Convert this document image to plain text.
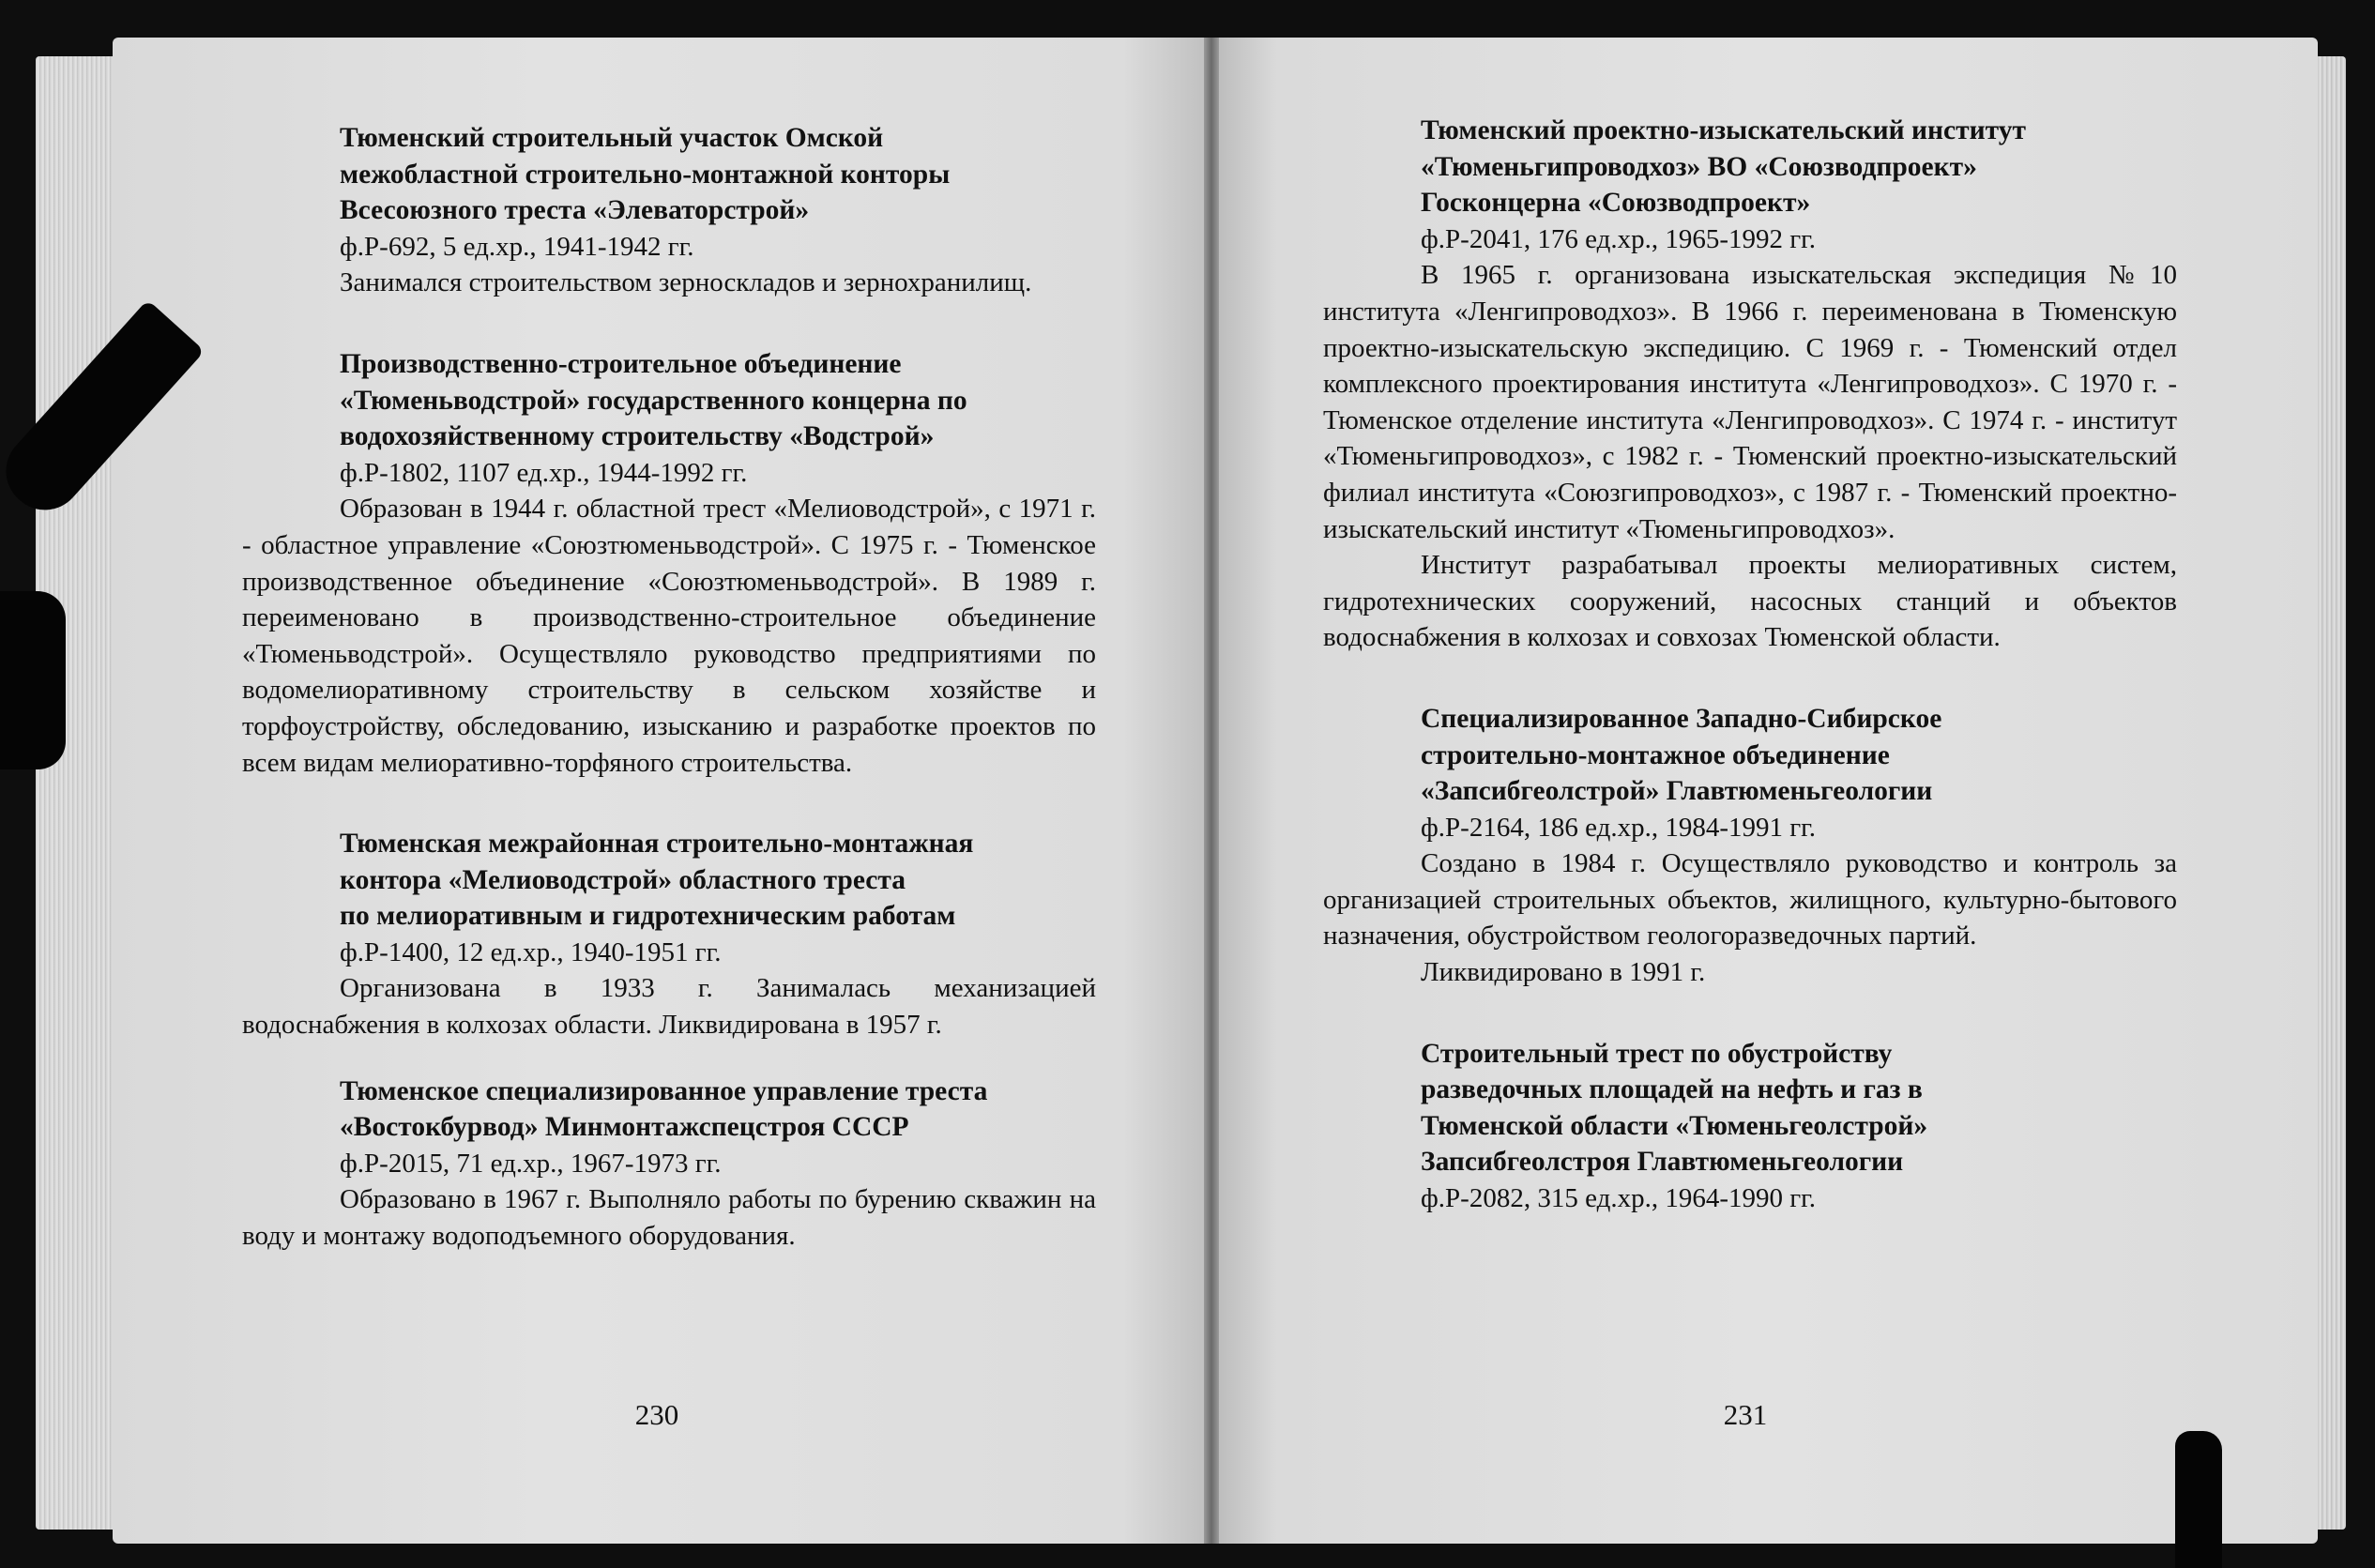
Тюменский строительный участок Омской
межобластной строительно-монтажной конторы
Всесоюзного треста «Элеваторстрой»
ф.Р-692, 5 ед.хр., 1941-1942 гг.
Занимался строительством зерноскладов и зернохранилищ.
Производственно-строительное объединение
«Тюменьводстрой» государственного концерна по
водохозяйственному строительству «Водстрой»
ф.Р-1802, 1107 ед.хр., 1944-1992 гг.
Образован в 1944 г. областной трест «Мелиоводстрой», с 1971 г. - областное управление «Союзтюменьводстрой». С 1975 г. - Тюменское производственное объединение «Союзтюменьводстрой». В 1989 г. переименовано в производственно-строительное объединение «Тюменьводстрой». Осуществляло руководство предприятиями по водомелиоративному строительству в сельском хозяйстве и торфоустройству, обследованию, изысканию и разработке проектов по всем видам мелиоративно-торфяного строительства.
Тюменская межрайонная строительно-монтажная
контора «Мелиоводстрой» областного треста
по мелиоративным и гидротехническим работам
ф.Р-1400, 12 ед.хр., 1940-1951 гг.
Организована в 1933 г. Занималась механизацией водоснабжения в колхозах области. Ликвидирована в 1957 г.
Тюменское специализированное управление треста
«Востокбурвод» Минмонтажспецстроя СССР
ф.Р-2015, 71 ед.хр., 1967-1973 гг.
Образовано в 1967 г. Выполняло работы по бурению скважин на воду и монтажу водоподъемного оборудования.
230
Тюменский проектно-изыскательский институт
«Тюменьгипроводхоз» ВО «Союзводпроект»
Госконцерна «Союзводпроект»
ф.Р-2041, 176 ед.хр., 1965-1992 гг.
В 1965 г. организована изыскательская экспедиция №10 института «Ленгипроводхоз». В 1966 г. переименована в Тюменскую проектно-изыскательскую экспедицию. С 1969 г. - Тюменский отдел комплексного проектирования института «Ленгипроводхоз». С 1970 г. - Тюменское отделение института «Ленгипроводхоз». С 1974 г. - институт «Тюменьгипроводхоз», с 1982 г. - Тюменский проектно-изыскательский филиал института «Союзгипроводхоз», с 1987 г. - Тюменский проектно-изыскательский институт «Тюменьгипроводхоз».
Институт разрабатывал проекты мелиоративных систем, гидротехнических сооружений, насосных станций и объектов водоснабжения в колхозах и совхозах Тюменской области.
Специализированное Западно-Сибирское
строительно-монтажное объединение
«Запсибгеолстрой» Главтюменьгеологии
ф.Р-2164, 186 ед.хр., 1984-1991 гг.
Создано в 1984 г. Осуществляло руководство и контроль за организацией строительных объектов, жилищного, культурно-бытового назначения, обустройством геологоразведочных партий.
Ликвидировано в 1991 г.
Строительный трест по обустройству
разведочных площадей на нефть и газ в
Тюменской области «Тюменьгеолстрой»
Запсибгеолстроя Главтюменьгеологии
ф.Р-2082, 315 ед.хр., 1964-1990 гг.
231
